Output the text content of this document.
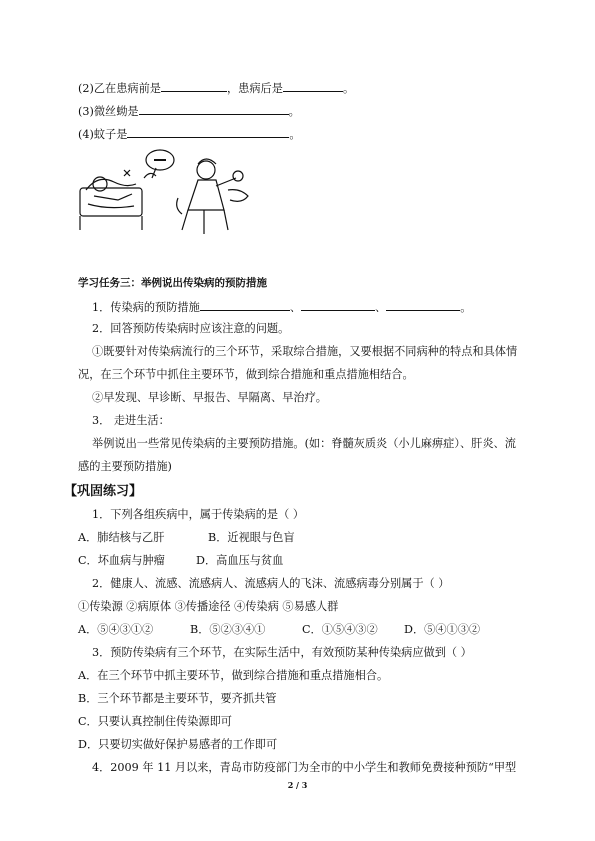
(2)乙在患病前是	，患病后是	。
(3)微丝蚴是	。
(4)蚊子是	。
学习任务三：举例说出传染病的预防措施
1．传染病的预防措施	、	、	。
2．回答预防传染病时应该注意的问题。
①既要针对传染病流行的三个环节，采取综合措施，又要根据不同病种的特点和具体情
况，在三个环节中抓住主要环节，做到综合措施和重点措施相结合。
②早发现、早诊断、早报告、早隔离、早治疗。
3． 走进生活：
举例说出一些常见传染病的主要预防措施。(如：脊髓灰质炎（小儿麻痹症）、肝炎、流
感的主要预防措施)
【巩固练习】
1．下列各组疾病中，属于传染病的是（ ）
A．肺结核与乙肝	B．近视眼与色盲
C．坏血病与肿瘤	D．高血压与贫血
2．健康人、流感、流感病人、流感病人的飞沫、流感病毒分别属于（ ）
①传染源 ②病原体 ③传播途径 ④传染病 ⑤易感人群
A．⑤④③①②	B．⑤②③④①	C．①⑤④③② D．⑤④①③②
3．预防传染病有三个环节，在实际生活中，有效预防某种传染病应做到（ ）
A．在三个环节中抓主要环节，做到综合措施和重点措施相合。
B．三个环节都是主要环节，要齐抓共管
C．只要认真控制住传染源即可
D．只要切实做好保护易感者的工作即可
4．2009 年 11 月以来，青岛市防疫部门为全市的中小学生和教师免费接种预防“甲型
2 / 3
